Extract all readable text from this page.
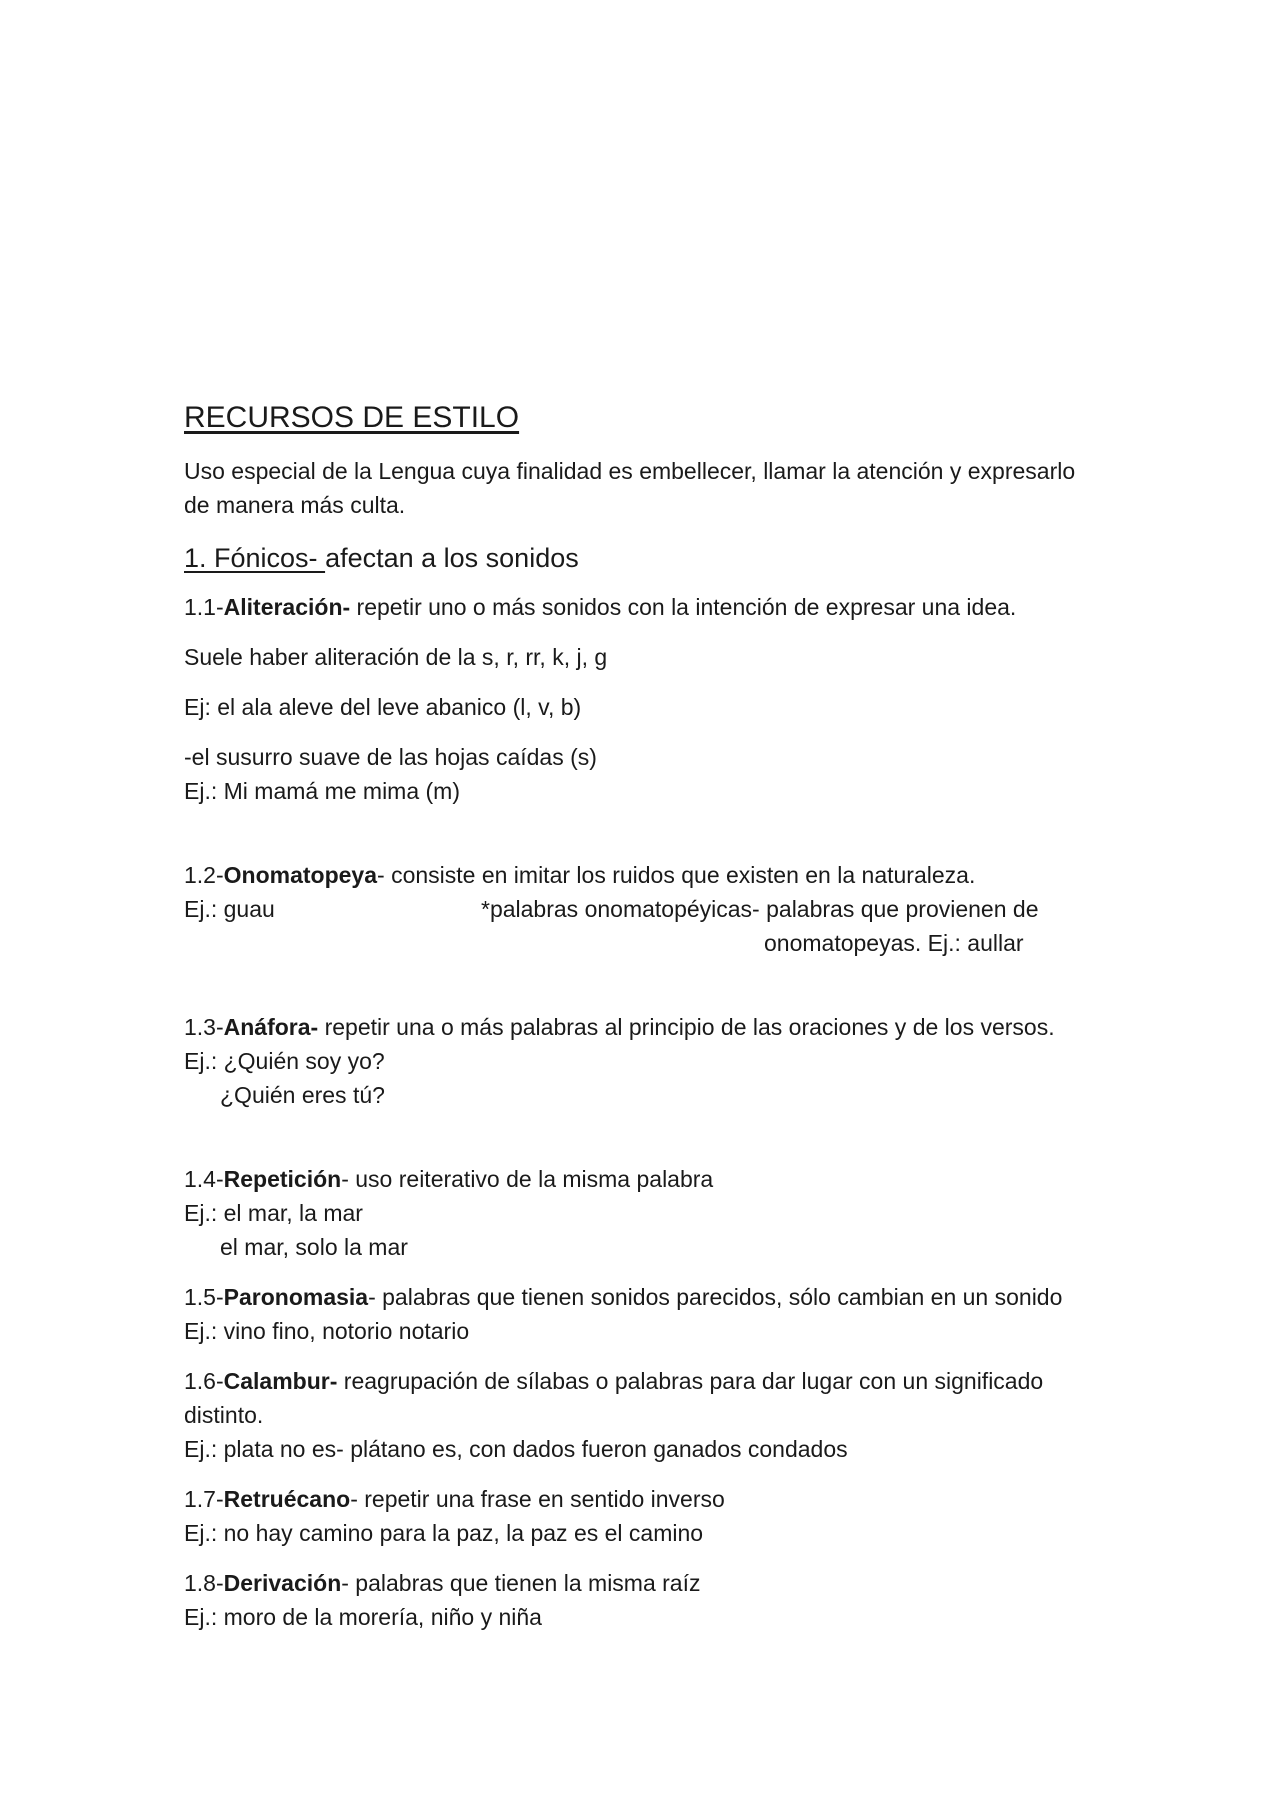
RECURSOS DE ESTILO

Uso especial de la Lengua cuya finalidad es embellecer, llamar la atención y expresarlo

de manera más culta.

1. Fónicos- afectan a los sonidos

1.1-Aliteración- repetir uno o más sonidos con la intención de expresar una idea.

Suele haber aliteración de la s, r, rr, k, j, g

Ej: el ala aleve del leve abanico (l, v, b)

-el susurro suave de las hojas caídas (s)

Ej.: Mi mamá me mima (m)

1.2-Onomatopeya- consiste en imitar los ruidos que existen en la naturaleza.

Ej.: guau	*palabras onomatopéyicas- palabras que provienen de

onomatopeyas. Ej.: aullar

1.3-Anáfora- repetir una o más palabras al principio de las oraciones y de los versos.

Ej.: ¿Quién soy yo?

¿Quién eres tú?

1.4-Repetición- uso reiterativo de la misma palabra

Ej.: el mar, la mar

el mar, solo la mar

1.5-Paronomasia- palabras que tienen sonidos parecidos, sólo cambian en un sonido

Ej.: vino fino, notorio notario

1.6-Calambur- reagrupación de sílabas o palabras para dar lugar con un significado

distinto.

Ej.: plata no es- plátano es, con dados fueron ganados condados

1.7-Retruécano- repetir una frase en sentido inverso

Ej.: no hay camino para la paz, la paz es el camino

1.8-Derivación- palabras que tienen la misma raíz

Ej.: moro de la morería, niño y niña
